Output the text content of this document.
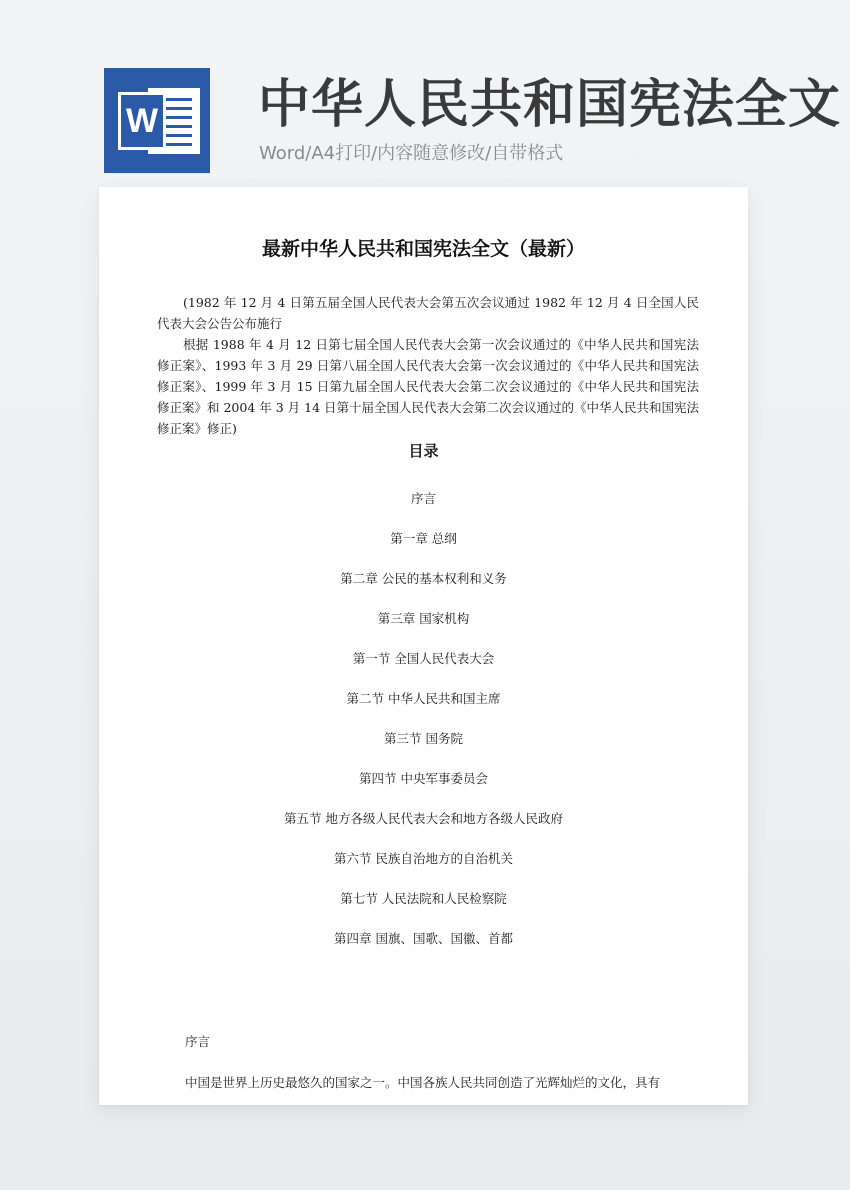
W 中华人民共和国宪法全文
Word/A4打印/内容随意修改/自带格式
最新中华人民共和国宪法全文（最新）

(1982 年 12 月 4 日第五届全国人民代表大会第五次会议通过 1982 年 12 月 4 日全国人民代表大会公告公布施行

根据 1988 年 4 月 12 日第七届全国人民代表大会第一次会议通过的《中华人民共和国宪法修正案》、1993 年 3 月 29 日第八届全国人民代表大会第一次会议通过的《中华人民共和国宪法修正案》、1999 年 3 月 15 日第九届全国人民代表大会第二次会议通过的《中华人民共和国宪法修正案》和 2004 年 3 月 14 日第十届全国人民代表大会第二次会议通过的《中华人民共和国宪法修正案》修正)

目录
序言
第一章 总纲
第二章 公民的基本权利和义务
第三章 国家机构
第一节 全国人民代表大会
第二节 中华人民共和国主席
第三节 国务院
第四节 中央军事委员会
第五节 地方各级人民代表大会和地方各级人民政府
第六节 民族自治地方的自治机关
第七节 人民法院和人民检察院
第四章 国旗、国歌、国徽、首都
序言
中国是世界上历史最悠久的国家之一。中国各族人民共同创造了光辉灿烂的文化，具有
